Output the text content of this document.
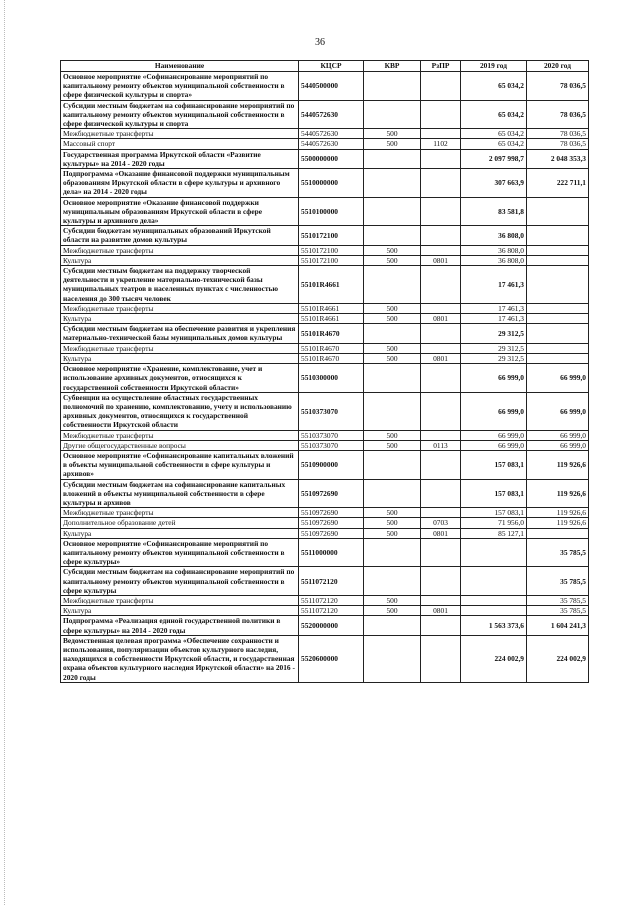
36
Наименование	КЦСР	КВР	РзПР	2019 год	2020 год
Основное мероприятие «Софинансирование мероприятий по капитальному ремонту объектов муниципальной собственности в сфере физической культуры и спорта»	5440500000			65 034,2	78 036,5
Субсидии местным бюджетам на софинансирование мероприятий по капитальному ремонту объектов муниципальной собственности в сфере физической культуры и спорта	5440572630			65 034,2	78 036,5
Межбюджетные трансферты	5440572630	500		65 034,2	78 036,5
Массовый спорт	5440572630	500	1102	65 034,2	78 036,5
Государственная программа Иркутской области «Развитие культуры» на 2014 - 2020 годы	5500000000			2 097 998,7	2 048 353,3
Подпрограмма «Оказание финансовой поддержки муниципальным образованиям Иркутской области в сфере культуры и архивного дела» на 2014 - 2020 годы	5510000000			307 663,9	222 711,1
Основное мероприятие «Оказание финансовой поддержки муниципальным образованиям Иркутской области в сфере культуры и архивного дела»	5510100000			83 581,8	
Субсидии бюджетам муниципальных образований Иркутской области на развитие домов культуры	5510172100			36 808,0	
Межбюджетные трансферты	5510172100	500		36 808,0	
Культура	5510172100	500	0801	36 808,0	
Субсидии местным бюджетам на поддержку творческой деятельности и укрепление материально-технической базы муниципальных театров в населенных пунктах с численностью населения до 300 тысяч человек	55101R4661			17 461,3	
Межбюджетные трансферты	55101R4661	500		17 461,3	
Культура	55101R4661	500	0801	17 461,3	
Субсидии местным бюджетам на обеспечение развития и укрепления материально-технической базы муниципальных домов культуры	55101R4670			29 312,5	
Межбюджетные трансферты	55101R4670	500		29 312,5	
Культура	55101R4670	500	0801	29 312,5	
Основное мероприятие «Хранение, комплектование, учет и использование архивных документов, относящихся к государственной собственности Иркутской области»	5510300000			66 999,0	66 999,0
Субвенции на осуществление областных государственных полномочий по хранению, комплектованию, учету и использованию архивных документов, относящихся к государственной собственности Иркутской области	5510373070			66 999,0	66 999,0
Межбюджетные трансферты	5510373070	500		66 999,0	66 999,0
Другие общегосударственные вопросы	5510373070	500	0113	66 999,0	66 999,0
Основное мероприятие «Софинансирование капитальных вложений в объекты муниципальной собственности в сфере культуры и архивов»	5510900000			157 083,1	119 926,6
Субсидии местным бюджетам на софинансирование капитальных вложений в объекты муниципальной собственности в сфере культуры и архивов	5510972690			157 083,1	119 926,6
Межбюджетные трансферты	5510972690	500		157 083,1	119 926,6
Дополнительное образование детей	5510972690	500	0703	71 956,0	119 926,6
Культура	5510972690	500	0801	85 127,1	
Основное мероприятие «Софинансирование мероприятий по капитальному ремонту объектов муниципальной собственности в сфере культуры»	5511000000				35 785,5
Субсидии местным бюджетам на софинансирование мероприятий по капитальному ремонту объектов муниципальной собственности в сфере культуры	5511072120				35 785,5
Межбюджетные трансферты	5511072120	500			35 785,5
Культура	5511072120	500	0801		35 785,5
Подпрограмма «Реализация единой государственной политики в сфере культуры» на 2014 - 2020 годы	5520000000			1 563 373,6	1 604 241,3
Ведомственная целевая программа «Обеспечение сохранности и использования, популяризации объектов культурного наследия, находящихся в собственности Иркутской области, и государственная охрана объектов культурного наследия Иркутской области» на 2016 - 2020 годы	5520600000			224 002,9	224 002,9
